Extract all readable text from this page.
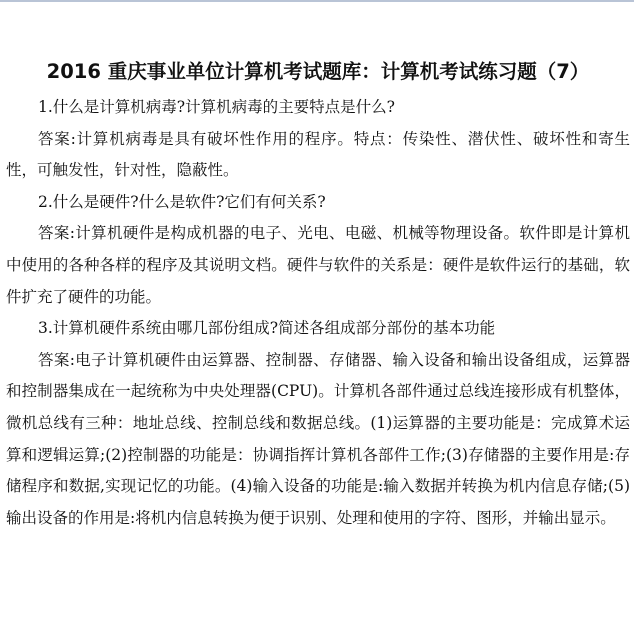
2016 重庆事业单位计算机考试题库：计算机考试练习题（7）

1.什么是计算机病毒?计算机病毒的主要特点是什么?

答案:计算机病毒是具有破坏性作用的程序。特点：传染性、潜伏性、破坏性和寄生性，可触发性，针对性，隐蔽性。

2.什么是硬件?什么是软件?它们有何关系?

答案:计算机硬件是构成机器的电子、光电、电磁、机械等物理设备。软件即是计算机中使用的各种各样的程序及其说明文档。硬件与软件的关系是：硬件是软件运行的基础，软件扩充了硬件的功能。

3.计算机硬件系统由哪几部份组成?简述各组成部分部份的基本功能

答案:电子计算机硬件由运算器、控制器、存储器、输入设备和输出设备组成，运算器和控制器集成在一起统称为中央处理器(CPU)。计算机各部件通过总线连接形成有机整体，微机总线有三种：地址总线、控制总线和数据总线。(1)运算器的主要功能是：完成算术运算和逻辑运算;(2)控制器的功能是：协调指挥计算机各部件工作;(3)存储器的主要作用是:存储程序和数据,实现记忆的功能。(4)输入设备的功能是:输入数据并转换为机内信息存储;(5)输出设备的作用是:将机内信息转换为便于识别、处理和使用的字符、图形，并输出显示。
